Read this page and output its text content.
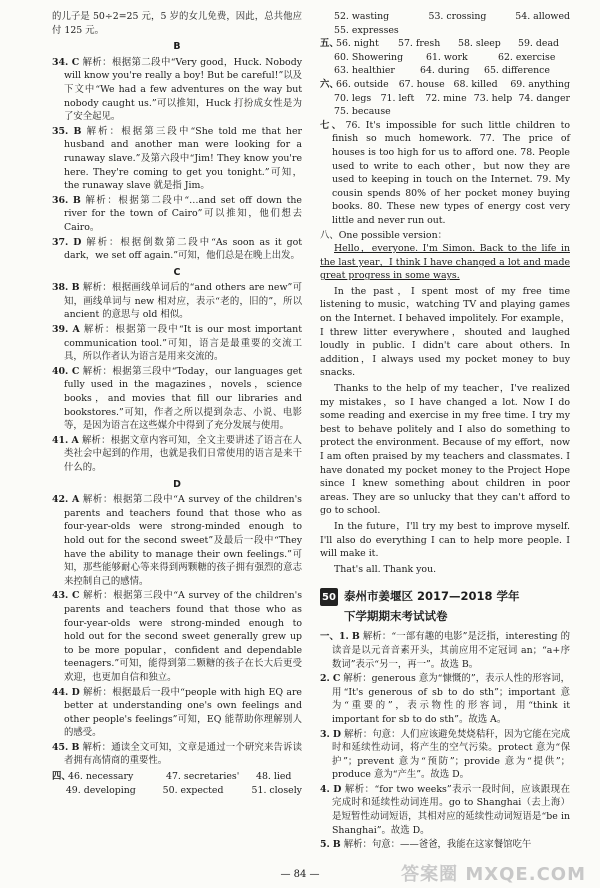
的儿子是 50÷2=25 元，5 岁的女儿免费，因此，总共他应付 125 元。

B

34. C 解析：根据第二段中“Very good，Huck. Nobody will know you're really a boy! But be careful!”以及下文中“We had a few adventures on the way but nobody caught us.”可以推知，Huck 打扮成女性是为了安全起见。

35. B 解析：根据第三段中“She told me that her husband and another man were looking for a runaway slave.”及第六段中“Jim! They know you're here. They're coming to get you tonight.”可知，the runaway slave 就是指 Jim。

36. B 解析：根据第二段中“…and set off down the river for the town of Cairo”可以推知，他们想去 Cairo。

37. D 解析：根据倒数第二段中“As soon as it got dark，we set off again.”可知，他们总是在晚上出发。

C

38. B 解析：根据画线单词后的“and others are new”可知，画线单词与 new 相对应，表示“老的，旧的”，所以 ancient 的意思与 old 相似。

39. A 解析：根据第一段中“It is our most important communication tool.”可知，语言是最重要的交流工具，所以作者认为语言是用来交流的。

40. C 解析：根据第三段中“Today，our languages get fully used in the magazines，novels，science books，and movies that fill our libraries and bookstores.”可知，作者之所以提到杂志、小说、电影等，是因为语言在这些媒介中得到了充分发展与使用。

41. A 解析：根据文章内容可知，全文主要讲述了语言在人类社会中起到的作用，也就是我们日常使用的语言是来干什么的。

D

42. A 解析：根据第二段中“A survey of the children's parents and teachers found that those who as four-year-olds were strong-minded enough to hold out for the second sweet”及最后一段中“They have the ability to manage their own feelings.”可知，那些能够耐心等来得到两颗糖的孩子拥有强烈的意志来控制自己的感情。

43. C 解析：根据第三段中“A survey of the children's parents and teachers found that those who as four-year-olds were strong-minded enough to hold out for the second sweet generally grew up to be more popular，confident and dependable teenagers.”可知，能得到第二颗糖的孩子在长大后更受欢迎，也更加自信和独立。

44. D 解析：根据最后一段中“people with high EQ are better at understanding one's own feelings and other people's feelings”可知，EQ 能帮助你理解别人的感受。

45. B 解析：通读全文可知，文章是通过一个研究来告诉读者拥有高情商的重要性。

四、
46. necessary	47. secretaries'	48. lied
49. developing	50. expected	51. closely
52. wasting	53. crossing	54. allowed
55. expresses
五、
56. night	57. fresh	58. sleep	59. dead
60. Showering	61. work	62. exercise
63. healthier	64. during	65. difference
六、
66. outside	67. house 68. killed	69. anything
70. legs 71. left	72. mine 73. help 74. danger
75. because

七、 76. It's impossible for such little children to finish so much homework. 77. The price of houses is too high for us to afford one. 78. People used to write to each other，but now they are used to keeping in touch on the Internet. 79. My cousin spends 80% of her pocket money buying books. 80. These new types of energy cost very little and never run out.

八、One possible version：

Hello，everyone. I'm Simon. Back to the life in the last year，I think I have changed a lot and made great progress in some ways.

In the past，I spent most of my free time listening to music，watching TV and playing games on the Internet. I behaved impolitely. For example，I threw litter everywhere，shouted and laughed loudly in public. I didn't care about others. In addition，I always used my pocket money to buy snacks.

Thanks to the help of my teacher，I've realized my mistakes，so I have changed a lot. Now I do some reading and exercise in my free time. I try my best to behave politely and I also do something to protect the environment. Because of my effort，now I am often praised by my teachers and classmates. I have donated my pocket money to the Project Hope since I knew something about children in poor areas. They are so unlucky that they can't afford to go to school.

In the future，I'll try my best to improve myself. I'll also do everything I can to help more people. I will make it.

That's all. Thank you.

50 泰州市姜堰区 2017—2018 学年
下学期期末考试试卷

一、1. B 解析：“一部有趣的电影”是泛指，interesting 的读音是以元音音素开头，其前应用不定冠词 an；“a+序数词”表示“另一，再一”。故选 B。

2. C 解析：generous 意为“慷慨的”，表示人性的形容词，用“It's generous of sb to do sth”；important 意为“重要的”，表示物性的形容词，用“think it important for sb to do sth”。故选 A。

3. D 解析：句意：人们应该避免焚烧秸秆，因为它能在完成时和延续性动词，将产生的空气污染。protect 意为“保护”；prevent 意为“预防”；provide 意为“提供”；produce 意为“产生”。故选 D。

4. D 解析：“for two weeks”表示一段时间，应该跟现在完成时和延续性动词连用。go to Shanghai（去上海）是短暂性动词短语，其相对应的延续性动词短语是“be in Shanghai”。故选 D。

5. B 解析：句意：——爸爸，我能在这家餐馆吃午

— 84 —	答案圈 MXQE.COM
